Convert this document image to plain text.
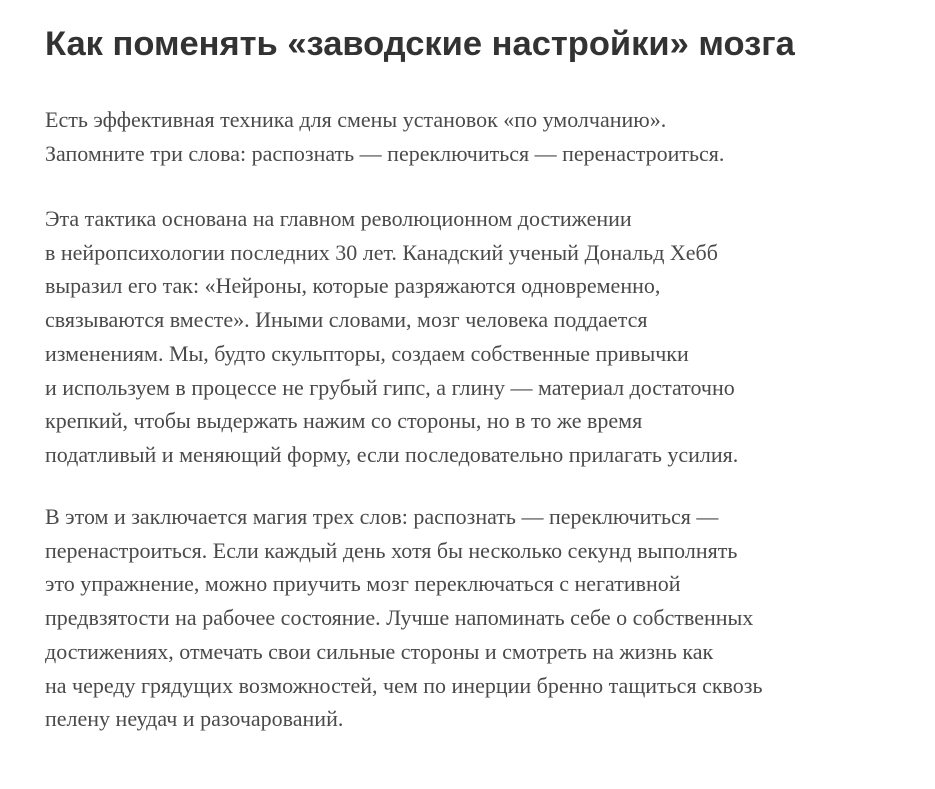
Как поменять «заводские настройки» мозга

Есть эффективная техника для смены установок «по умолчанию».
Запомните три слова: распознать — переключиться — перенастроиться.

Эта тактика основана на главном революционном достижении
в нейропсихологии последних 30 лет. Канадский ученый Дональд Хебб
выразил его так: «Нейроны, которые разряжаются одновременно,
связываются вместе». Иными словами, мозг человека поддается
изменениям. Мы, будто скульпторы, создаем собственные привычки
и используем в процессе не грубый гипс, а глину — материал достаточно
крепкий, чтобы выдержать нажим со стороны, но в то же время
податливый и меняющий форму, если последовательно прилагать усилия.

В этом и заключается магия трех слов: распознать — переключиться —
перенастроиться. Если каждый день хотя бы несколько секунд выполнять
это упражнение, можно приучить мозг переключаться с негативной
предвзятости на рабочее состояние. Лучше напоминать себе о собственных
достижениях, отмечать свои сильные стороны и смотреть на жизнь как
на череду грядущих возможностей, чем по инерции бренно тащиться сквозь
пелену неудач и разочарований.
